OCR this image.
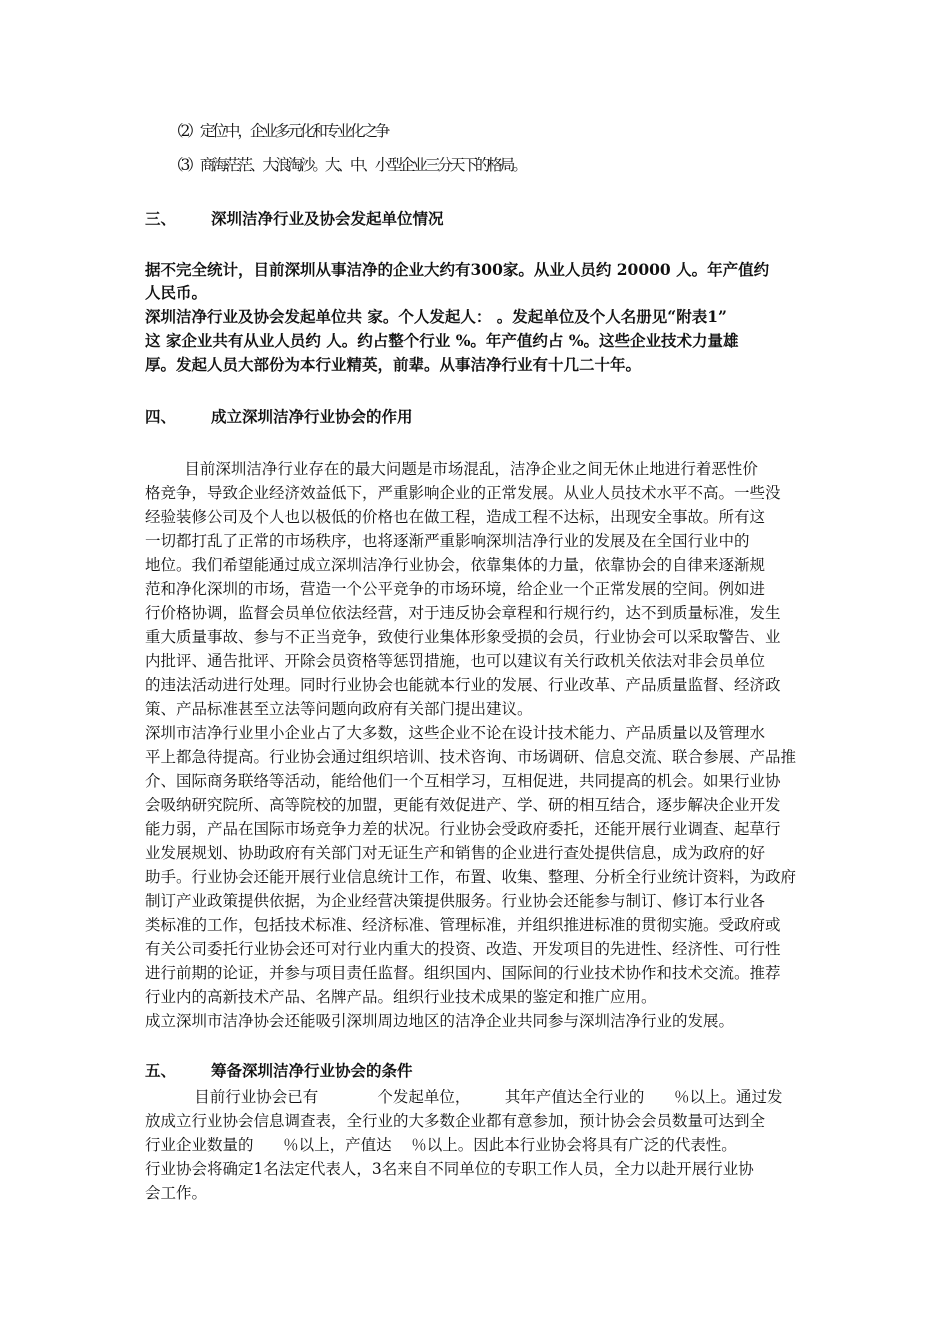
（2）定位中，企业多元化和专业化之争
（3）商海茫茫、大浪淘沙。大、中、小型企业三分天下的格局。
三、 深圳洁净行业及协会发起单位情况
据不完全统计，目前深圳从事洁净的企业大约有300家。从业人员约 20000 人。年产值约
人民币。
深圳洁净行业及协会发起单位共 家。个人发起人： 。发起单位及个人名册见“附表1”
这 家企业共有从业人员约 人。约占整个行业 %。年产值约占 %。这些企业技术力量雄
厚。发起人员大部份为本行业精英，前辈。从事洁净行业有十几二十年。
四、 成立深圳洁净行业协会的作用
目前深圳洁净行业存在的最大问题是市场混乱，洁净企业之间无休止地进行着恶性价
格竞争，导致企业经济效益低下，严重影响企业的正常发展。从业人员技术水平不高。一些没
经验装修公司及个人也以极低的价格也在做工程，造成工程不达标，出现安全事故。所有这
一切都打乱了正常的市场秩序，也将逐渐严重影响深圳洁净行业的发展及在全国行业中的
地位。我们希望能通过成立深圳洁净行业协会，依靠集体的力量，依靠协会的自律来逐渐规
范和净化深圳的市场，营造一个公平竞争的市场环境，给企业一个正常发展的空间。例如进
行价格协调，监督会员单位依法经营，对于违反协会章程和行规行约，达不到质量标准，发生
重大质量事故、参与不正当竞争，致使行业集体形象受损的会员，行业协会可以采取警告、业
内批评、通告批评、开除会员资格等惩罚措施，也可以建议有关行政机关依法对非会员单位
的违法活动进行处理。同时行业协会也能就本行业的发展、行业改革、产品质量监督、经济政
策、产品标准甚至立法等问题向政府有关部门提出建议。
深圳市洁净行业里小企业占了大多数，这些企业不论在设计技术能力、产品质量以及管理水
平上都急待提高。行业协会通过组织培训、技术咨询、市场调研、信息交流、联合参展、产品推
介、国际商务联络等活动，能给他们一个互相学习，互相促进，共同提高的机会。如果行业协
会吸纳研究院所、高等院校的加盟，更能有效促进产、学、研的相互结合，逐步解决企业开发
能力弱，产品在国际市场竞争力差的状况。行业协会受政府委托，还能开展行业调查、起草行
业发展规划、协助政府有关部门对无证生产和销售的企业进行查处提供信息，成为政府的好
助手。行业协会还能开展行业信息统计工作，布置、收集、整理、分析全行业统计资料，为政府
制订产业政策提供依据，为企业经营决策提供服务。行业协会还能参与制订、修订本行业各
类标准的工作，包括技术标准、经济标准、管理标准，并组织推进标准的贯彻实施。受政府或
有关公司委托行业协会还可对行业内重大的投资、改造、开发项目的先进性、经济性、可行性
进行前期的论证，并参与项目责任监督。组织国内、国际间的行业技术协作和技术交流。推荐
行业内的高新技术产品、名牌产品。组织行业技术成果的鉴定和推广应用。
成立深圳市洁净协会还能吸引深圳周边地区的洁净企业共同参与深圳洁净行业的发展。
五、 筹备深圳洁净行业协会的条件
目前行业协会已有            个发起单位，       其年产值达全行业的      ％以上。通过发
放成立行业协会信息调查表，全行业的大多数企业都有意参加，预计协会会员数量可达到全
行业企业数量的      ％以上，产值达    ％以上。因此本行业协会将具有广泛的代表性。
行业协会将确定1名法定代表人，3名来自不同单位的专职工作人员，全力以赴开展行业协
会工作。
